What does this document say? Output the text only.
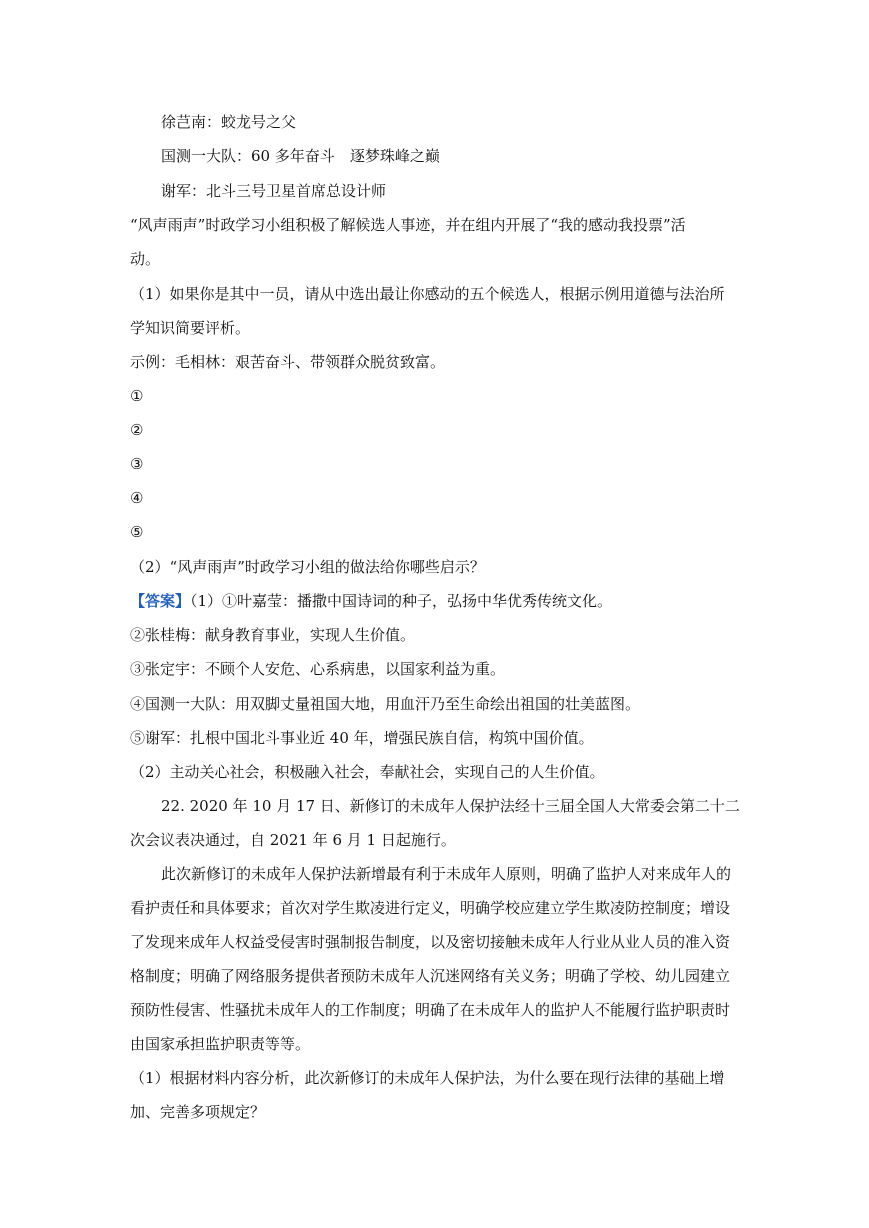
徐芑南：蛟龙号之父
国测一大队：60 多年奋斗　逐梦珠峰之巅
谢军：北斗三号卫星首席总设计师
“风声雨声”时政学习小组积极了解候选人事迹，并在组内开展了“我的感动我投票”活
动。
（1）如果你是其中一员，请从中选出最让你感动的五个候选人，根据示例用道德与法治所
学知识简要评析。
示例：毛相林：艰苦奋斗、带领群众脱贫致富。
①
②
③
④
⑤
（2）“风声雨声”时政学习小组的做法给你哪些启示？
【答案】（1）①叶嘉莹：播撒中国诗词的种子，弘扬中华优秀传统文化。
②张桂梅：献身教育事业，实现人生价值。
③张定宇：不顾个人安危、心系病患，以国家利益为重。
④国测一大队：用双脚丈量祖国大地，用血汗乃至生命绘出祖国的壮美蓝图。
⑤谢军：扎根中国北斗事业近 40 年，增强民族自信，构筑中国价值。
（2）主动关心社会，积极融入社会，奉献社会，实现自己的人生价值。
22. 2020 年 10 月 17 日、新修订的未成年人保护法经十三届全国人大常委会第二十二
次会议表决通过，自 2021 年 6 月 1 日起施行。
此次新修订的未成年人保护法新增最有利于未成年人原则，明确了监护人对来成年人的
看护责任和具体要求；首次对学生欺凌进行定义，明确学校应建立学生欺凌防控制度；增设
了发现来成年人权益受侵害时强制报告制度，以及密切接触未成年人行业从业人员的准入资
格制度；明确了网络服务提供者预防未成年人沉迷网络有关义务；明确了学校、幼儿园建立
预防性侵害、性骚扰未成年人的工作制度；明确了在未成年人的监护人不能履行监护职责时
由国家承担监护职责等等。
（1）根据材料内容分析，此次新修订的未成年人保护法，为什么要在现行法律的基础上增
加、完善多项规定？
